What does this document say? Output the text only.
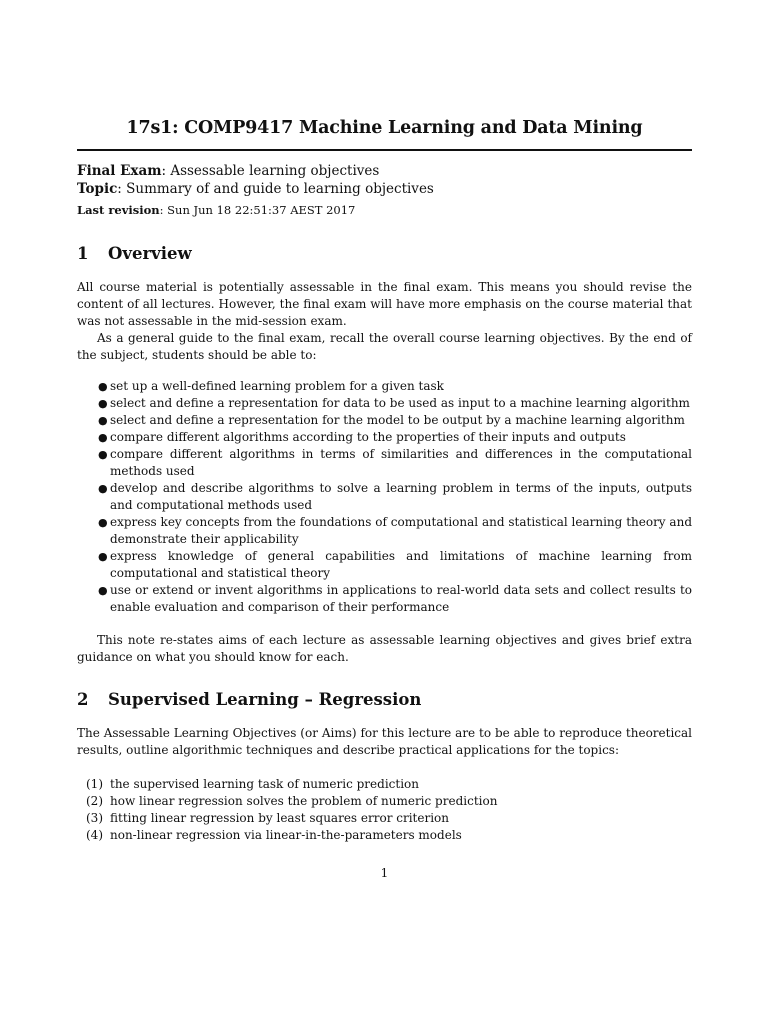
17s1: COMP9417 Machine Learning and Data Mining
Final Exam: Assessable learning objectives
Topic: Summary of and guide to learning objectives
Last revision: Sun Jun 18 22:51:37 AEST 2017
1 Overview

All course material is potentially assessable in the final exam. This means you should revise the content of all lectures. However, the final exam will have more emphasis on the course material that was not assessable in the mid-session exam.

As a general guide to the final exam, recall the overall course learning objectives. By the end of the subject, students should be able to:

● set up a well-defined learning problem for a given task
● select and define a representation for data to be used as input to a machine learning algorithm
● select and define a representation for the model to be output by a machine learning algorithm
● compare different algorithms according to the properties of their inputs and outputs
● compare different algorithms in terms of similarities and differences in the computational methods used
● develop and describe algorithms to solve a learning problem in terms of the inputs, outputs and computational methods used
● express key concepts from the foundations of computational and statistical learning theory and demonstrate their applicability
● express knowledge of general capabilities and limitations of machine learning from computational and statistical theory
● use or extend or invent algorithms in applications to real-world data sets and collect results to enable evaluation and comparison of their performance

This note re-states aims of each lecture as assessable learning objectives and gives brief extra guidance on what you should know for each.

2 Supervised Learning – Regression

The Assessable Learning Objectives (or Aims) for this lecture are to be able to reproduce theoretical results, outline algorithmic techniques and describe practical applications for the topics:

(1) the supervised learning task of numeric prediction
(2) how linear regression solves the problem of numeric prediction
(3) fitting linear regression by least squares error criterion
(4) non-linear regression via linear-in-the-parameters models
1
